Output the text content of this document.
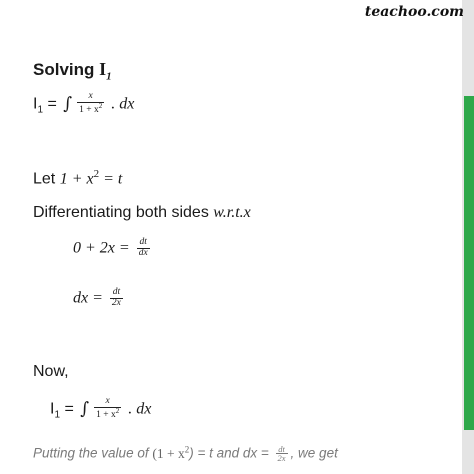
teachoo.com
Solving $I_1$
$I_1$ = ∫ $\frac{x}{1 + x^2}$ . dx
Let $1 + x^2 = t$
Differentiating both sides w.r.t.x
$0 + 2x = \frac{dt}{dx}$
dx = $\frac{dt}{2x}$
Now,
$I_1$ = ∫ $\frac{x}{1 + x^2}$ . dx
Putting the value of $(1 + x^2) = t$ and dx = $\frac{dt}{2x}$ , we get
